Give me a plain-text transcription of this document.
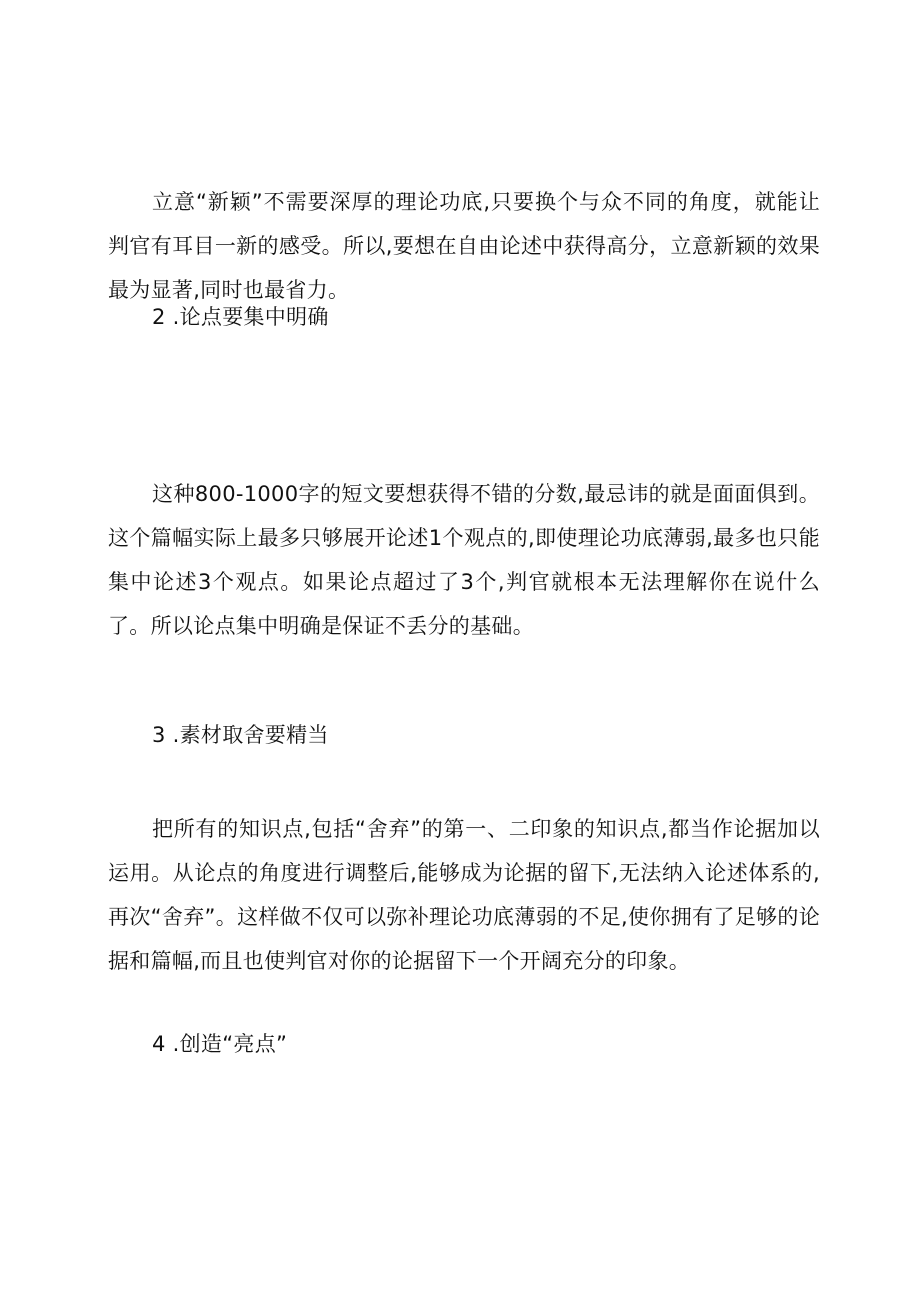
立意“新颖”不需要深厚的理论功底,只要换个与众不同的角度，就能让判官有耳目一新的感受。所以,要想在自由论述中获得高分，立意新颖的效果最为显著,同时也最省力。

2 .论点要集中明确

这种800-1000字的短文要想获得不错的分数,最忌讳的就是面面俱到。这个篇幅实际上最多只够展开论述1个观点的,即使理论功底薄弱,最多也只能集中论述3个观点。如果论点超过了3个,判官就根本无法理解你在说什么了。所以论点集中明确是保证不丢分的基础。

3 .素材取舍要精当

把所有的知识点,包括“舍弃”的第一、二印象的知识点,都当作论据加以运用。从论点的角度进行调整后,能够成为论据的留下,无法纳入论述体系的,再次“舍弃”。这样做不仅可以弥补理论功底薄弱的不足,使你拥有了足够的论据和篇幅,而且也使判官对你的论据留下一个开阔充分的印象。

4 .创造“亮点”
